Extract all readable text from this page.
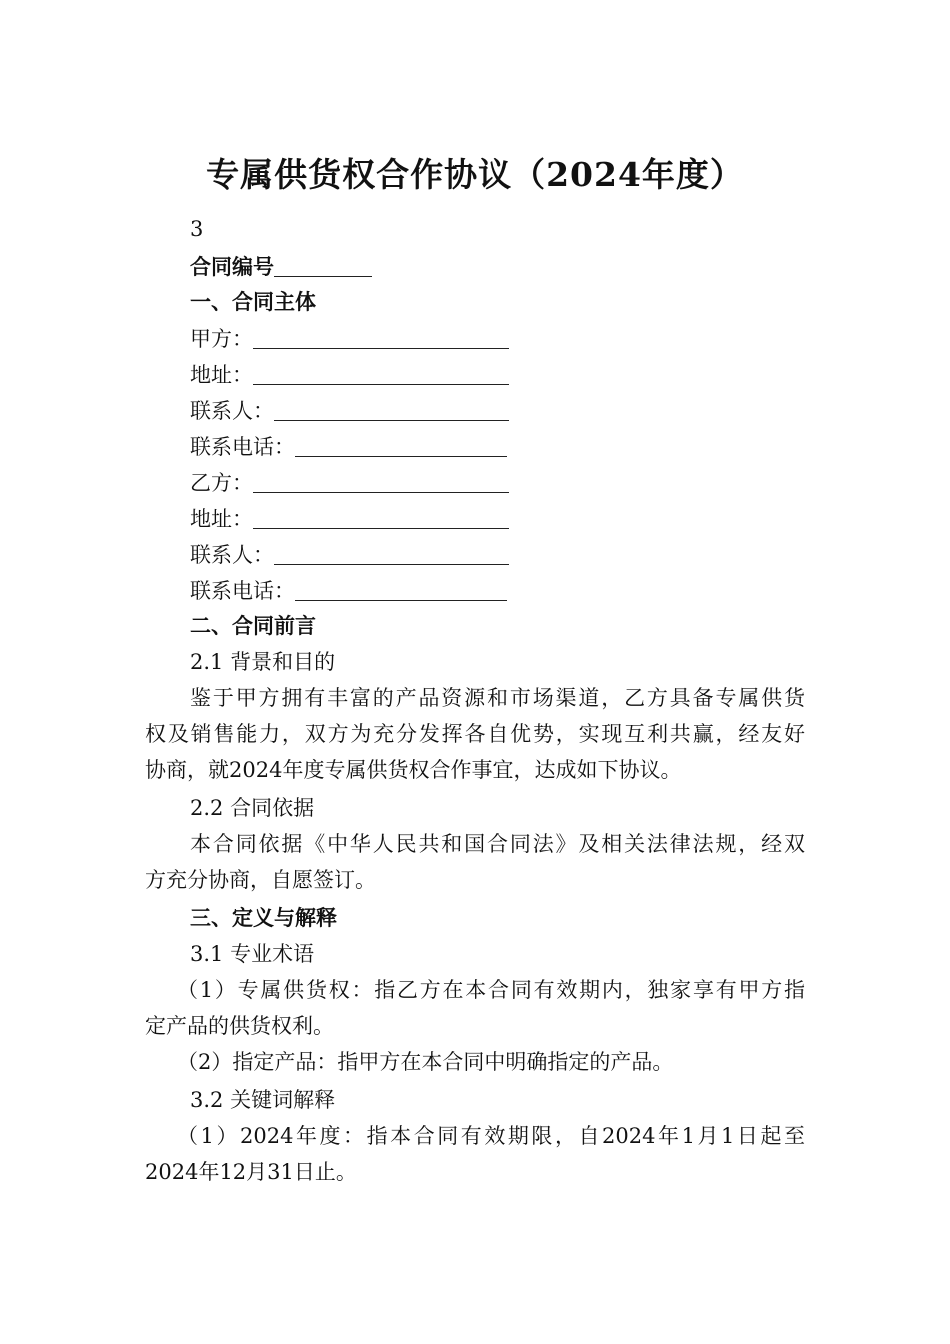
专属供货权合作协议（2024年度）
3
合同编号
一、合同主体
甲方：
地址：
联系人：
联系电话：
乙方：
地址：
联系人：
联系电话：
二、合同前言
2.1 背景和目的
鉴于甲方拥有丰富的产品资源和市场渠道，乙方具备专属供货
权及销售能力，双方为充分发挥各自优势，实现互利共赢，经友好
协商，就2024年度专属供货权合作事宜，达成如下协议。
2.2 合同依据
本合同依据《中华人民共和国合同法》及相关法律法规，经双
方充分协商，自愿签订。
三、定义与解释
3.1 专业术语
（1）专属供货权：指乙方在本合同有效期内，独家享有甲方指
定产品的供货权利。
（2）指定产品：指甲方在本合同中明确指定的产品。
3.2 关键词解释
（1）2024年度：指本合同有效期限，自2024年1月1日起至
2024年12月31日止。
